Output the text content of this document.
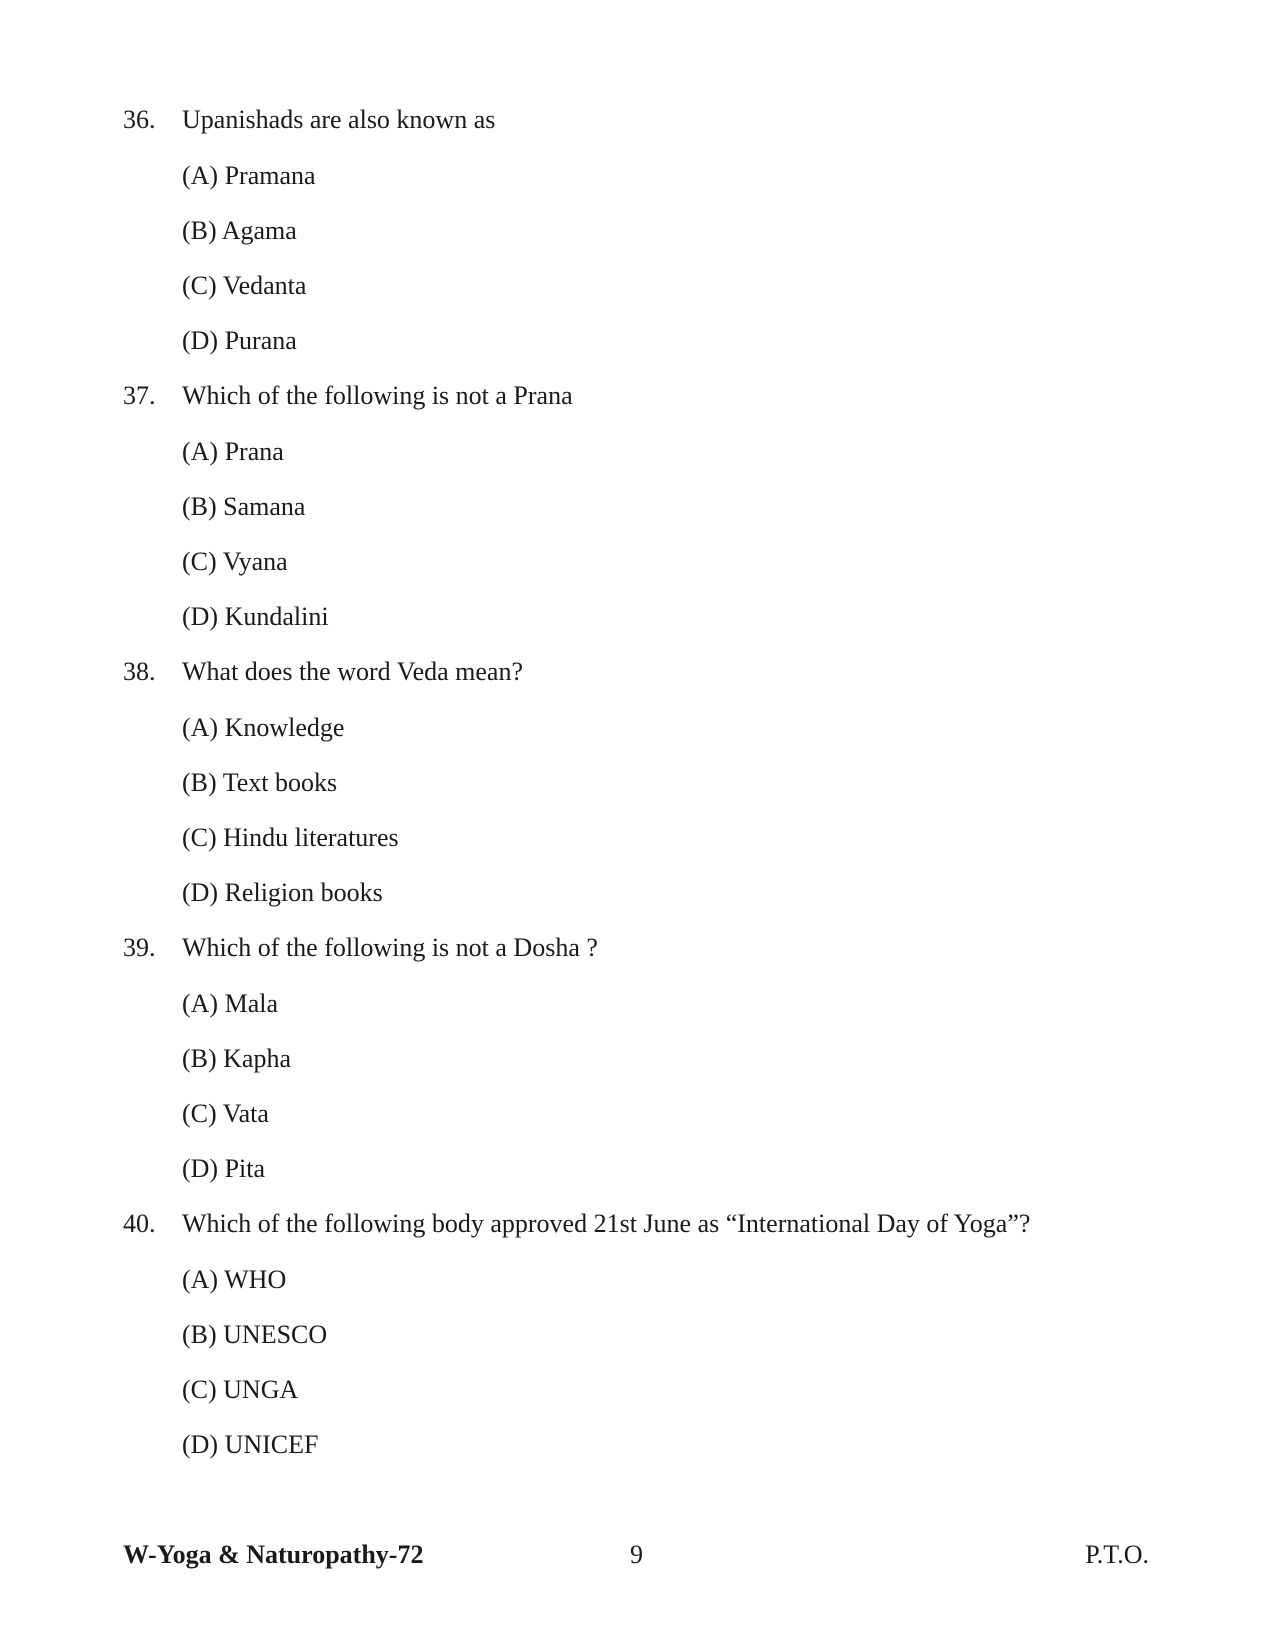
36.	Upanishads are also known as
(A) Pramana
(B) Agama
(C) Vedanta
(D) Purana
37.	Which of the following is not a Prana
(A) Prana
(B) Samana
(C) Vyana
(D) Kundalini
38.	What does the word Veda mean?
(A) Knowledge
(B) Text books
(C) Hindu literatures
(D) Religion books
39.	Which of the following is not a Dosha ?
(A) Mala
(B) Kapha
(C) Vata
(D) Pita
40.	Which of the following body approved 21st June as “International Day of Yoga”?
(A) WHO
(B) UNESCO
(C) UNGA
(D) UNICEF
W-Yoga & Naturopathy-72	9	P.T.O.
